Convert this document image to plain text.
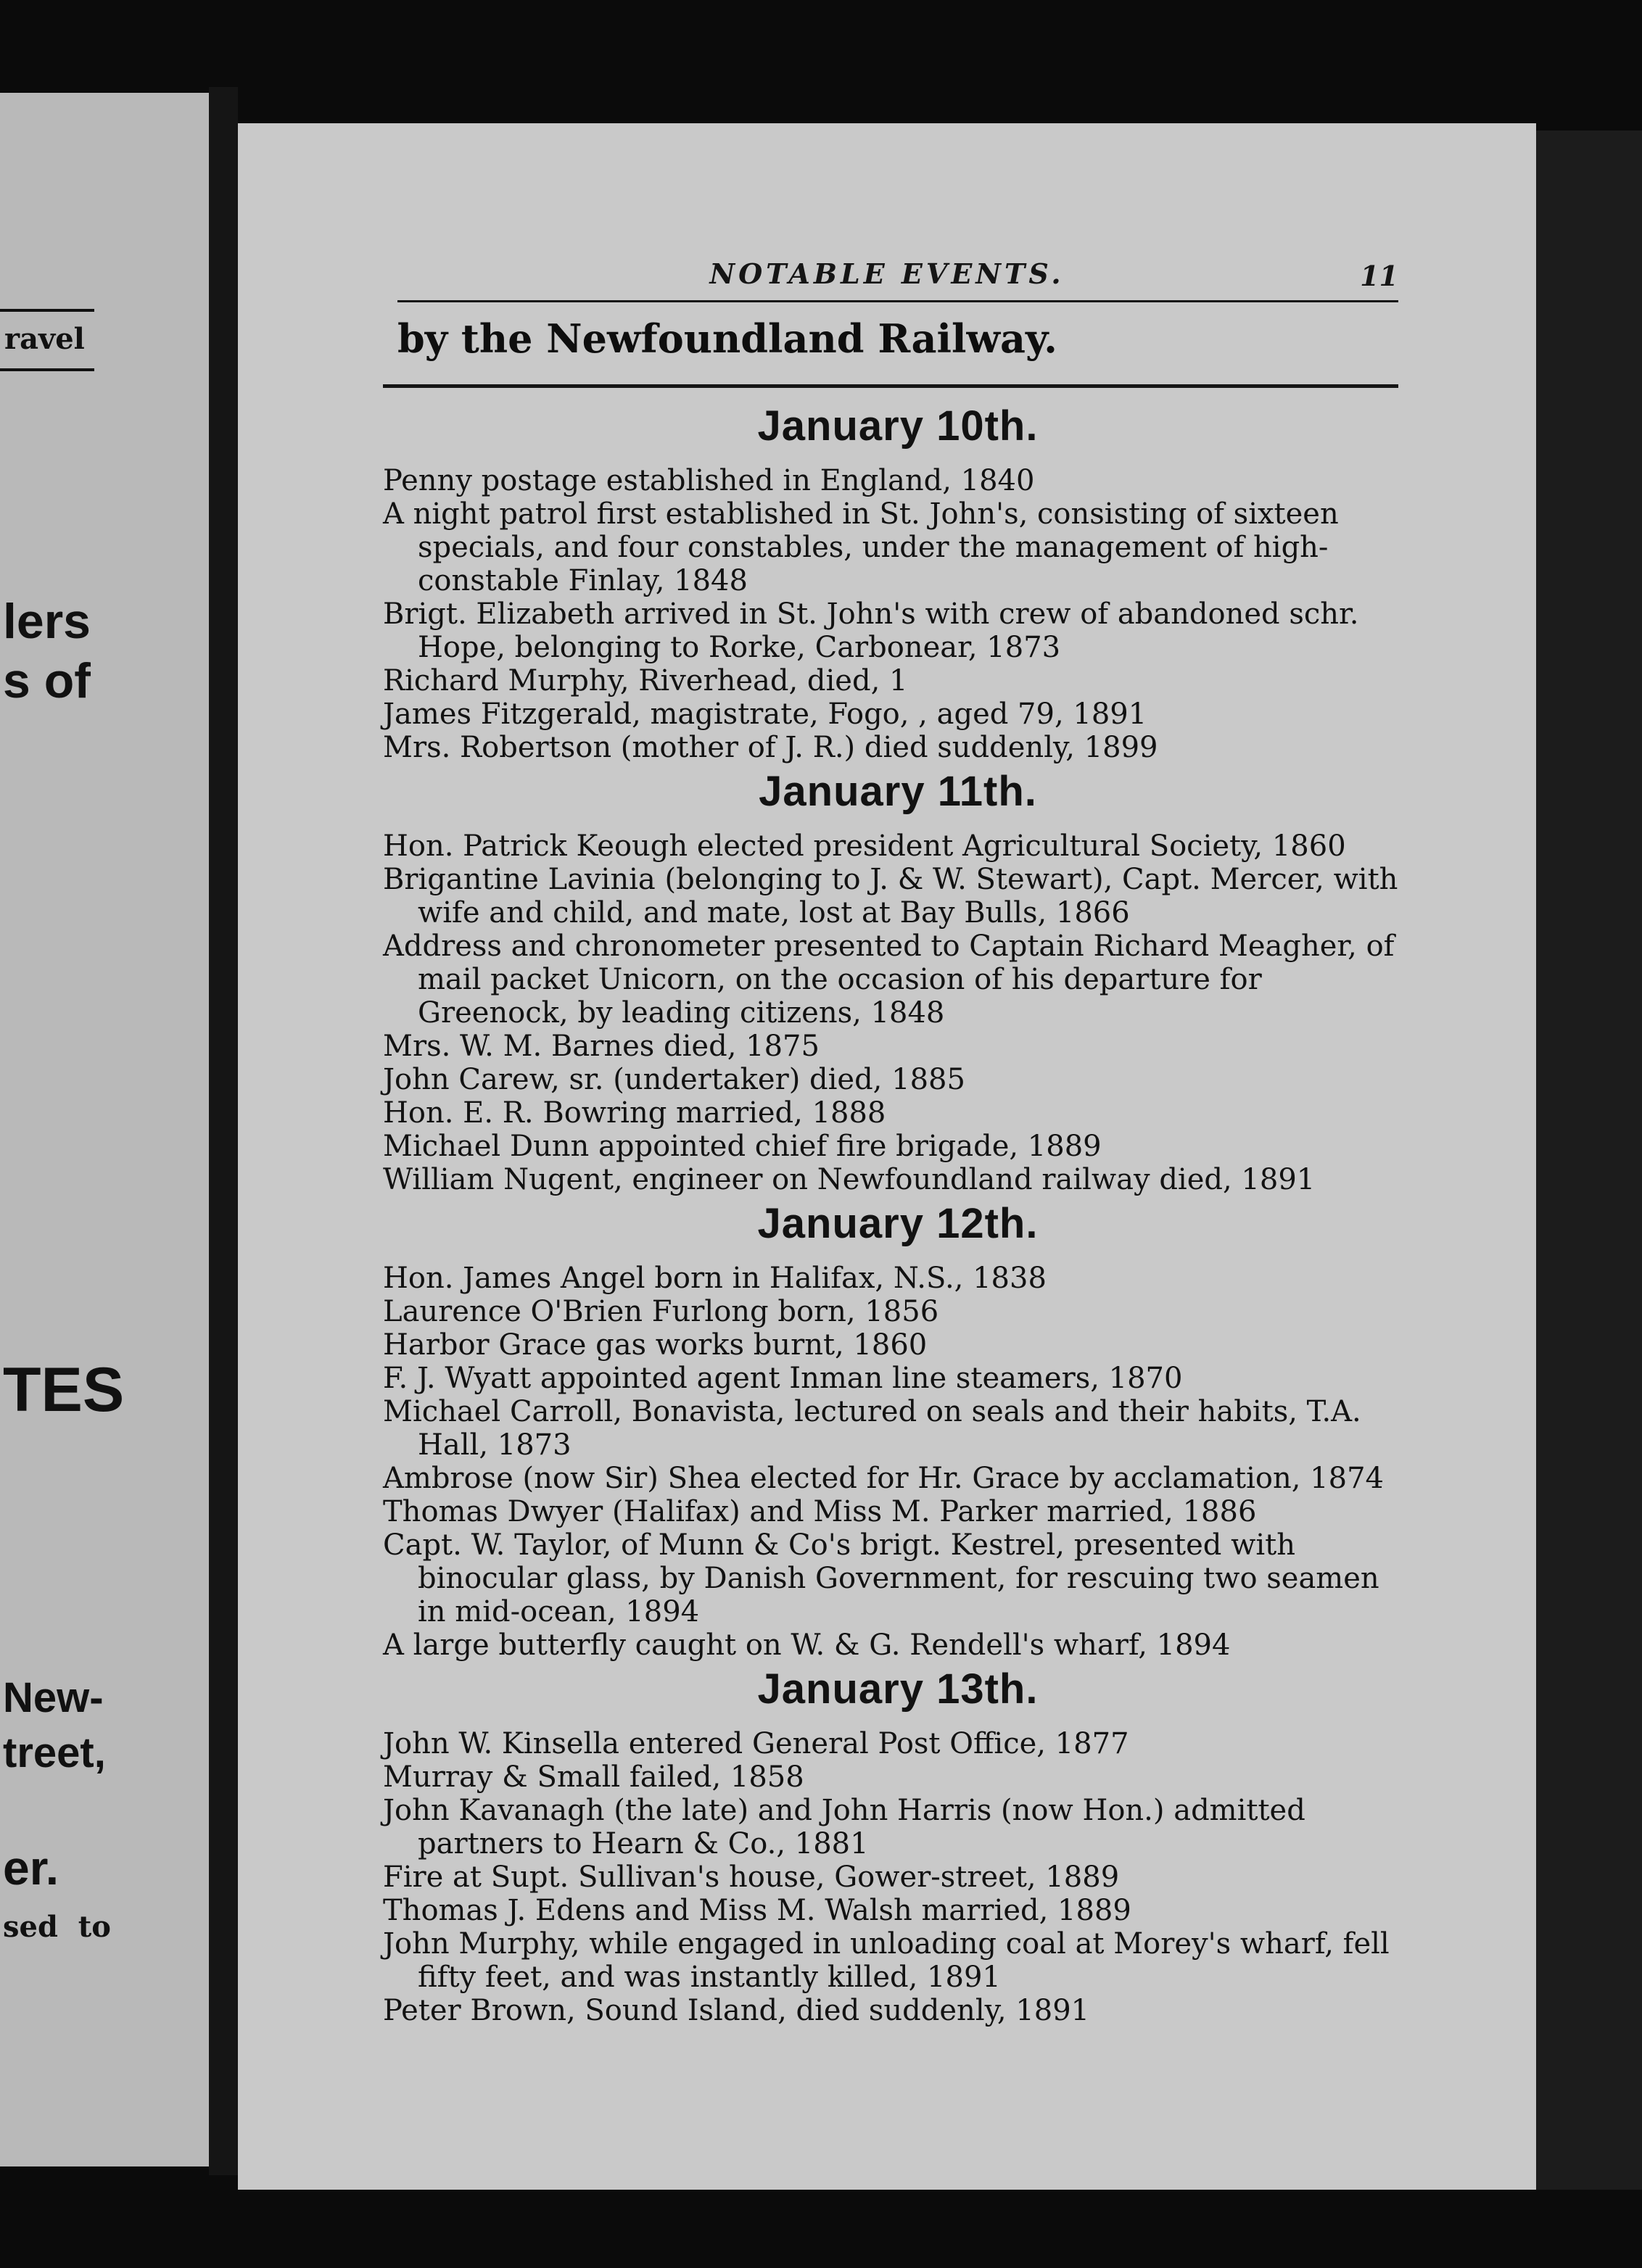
ravel
lers
s of
TES
New-
treet,
er.
sed  to
NOTABLE EVENTS.	11
by the Newfoundland Railway.
January 10th.

Penny postage established in England, 1840

A night patrol first established in St. John's, consisting of sixteen specials, and four constables, under the management of high-constable Finlay, 1848

Brigt. Elizabeth arrived in St. John's with crew of abandoned schr. Hope, belonging to Rorke, Carbonear, 1873

Richard Murphy, Riverhead, died, 1

James Fitzgerald, magistrate, Fogo, , aged 79, 1891

Mrs. Robertson (mother of J. R.) died suddenly, 1899

January 11th.

Hon. Patrick Keough elected president Agricultural Society, 1860

Brigantine Lavinia (belonging to J. & W. Stewart), Capt. Mercer, with wife and child, and mate, lost at Bay Bulls, 1866

Address and chronometer presented to Captain Richard Meagher, of mail packet Unicorn, on the occasion of his departure for Greenock, by leading citizens, 1848

Mrs. W. M. Barnes died, 1875

John Carew, sr. (undertaker) died, 1885

Hon. E. R. Bowring married, 1888

Michael Dunn appointed chief fire brigade, 1889

William Nugent, engineer on Newfoundland railway died, 1891

January 12th.

Hon. James Angel born in Halifax, N.S., 1838

Laurence O'Brien Furlong born, 1856

Harbor Grace gas works burnt, 1860

F. J. Wyatt appointed agent Inman line steamers, 1870

Michael Carroll, Bonavista, lectured on seals and their habits, T.A. Hall, 1873

Ambrose (now Sir) Shea elected for Hr. Grace by acclamation, 1874

Thomas Dwyer (Halifax) and Miss M. Parker married, 1886

Capt. W. Taylor, of Munn & Co's brigt. Kestrel, presented with binocular glass, by Danish Government, for rescuing two seamen in mid-ocean, 1894

A large butterfly caught on W. & G. Rendell's wharf, 1894

January 13th.

John W. Kinsella entered General Post Office, 1877

Murray & Small failed, 1858

John Kavanagh (the late) and John Harris (now Hon.) admitted partners to Hearn & Co., 1881

Fire at Supt. Sullivan's house, Gower-street, 1889

Thomas J. Edens and Miss M. Walsh married, 1889

John Murphy, while engaged in unloading coal at Morey's wharf, fell fifty feet, and was instantly killed, 1891

Peter Brown, Sound Island, died suddenly, 1891
